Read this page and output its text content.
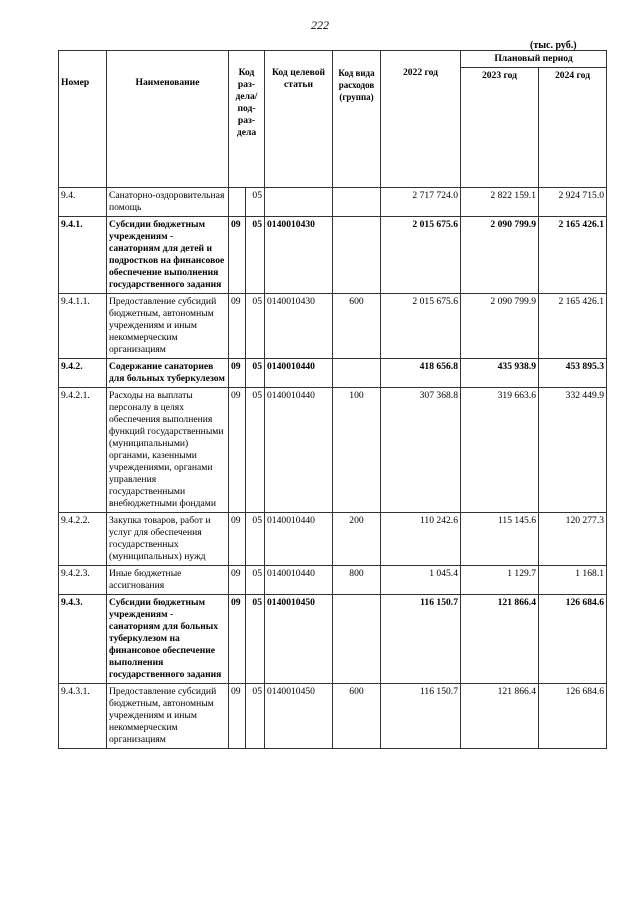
222
(тыс. руб.)
Номер	Наименование	Код раз- дела/ под- раз- дела		Код целевой статьи	Код вида расходов (группа)	2022 год	Плановый период	
							2023 год	2024 год
9.4.	Санаторно-оздоровительная помощь		05			2 717 724.0	2 822 159.1	2 924 715.0
9.4.1.	Субсидии бюджетным учреждениям - санаториям для детей и подростков на финансовое обеспечение выполнения государственного задания	09	05	0140010430		2 015 675.6	2 090 799.9	2 165 426.1
9.4.1.1.	Предоставление субсидий бюджетным, автономным учреждениям и иным некоммерческим организациям	09	05	0140010430	600	2 015 675.6	2 090 799.9	2 165 426.1
9.4.2.	Содержание санаториев для больных туберкулезом	09	05	0140010440		418 656.8	435 938.9	453 895.3
9.4.2.1.	Расходы на выплаты персоналу в целях обеспечения выполнения функций государственными (муниципальными) органами, казенными учреждениями, органами управления государственными внебюджетными фондами	09	05	0140010440	100	307 368.8	319 663.6	332 449.9
9.4.2.2.	Закупка товаров, работ и услуг для обеспечения государственных (муниципальных) нужд	09	05	0140010440	200	110 242.6	115 145.6	120 277.3
9.4.2.3.	Иные бюджетные ассигнования	09	05	0140010440	800	1 045.4	1 129.7	1 168.1
9.4.3.	Субсидии бюджетным учреждениям - санаториям для больных туберкулезом на финансовое обеспечение выполнения государственного задания	09	05	0140010450		116 150.7	121 866.4	126 684.6
9.4.3.1.	Предоставление субсидий бюджетным, автономным учреждениям и иным некоммерческим организациям	09	05	0140010450	600	116 150.7	121 866.4	126 684.6
